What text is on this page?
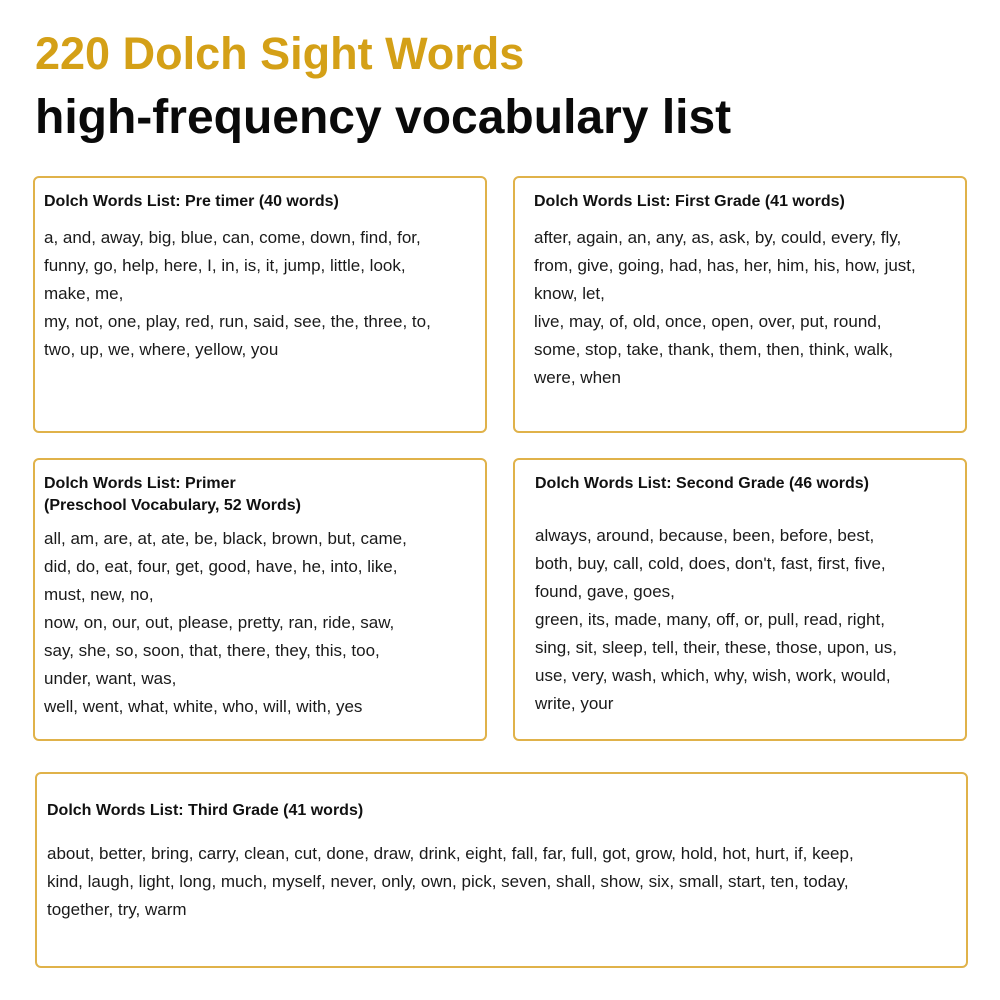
220 Dolch Sight Words
high-frequency vocabulary list
Dolch Words List: Pre timer (40 words)
a, and, away, big, blue, can, come, down, find, for,
funny, go, help, here, I, in, is, it, jump, little, look,
make, me,
my, not, one, play, red, run, said, see, the, three, to,
two, up, we, where, yellow, you
Dolch Words List: First Grade (41 words)
after, again, an, any, as, ask, by, could, every, fly,
from, give, going, had, has, her, him, his, how, just,
know, let,
live, may, of, old, once, open, over, put, round,
some, stop, take, thank, them, then, think, walk,
were, when
Dolch Words List: Primer
(Preschool Vocabulary, 52 Words)
all, am, are, at, ate, be, black, brown, but, came,
did, do, eat, four, get, good, have, he, into, like,
must, new, no,
now, on, our, out, please, pretty, ran, ride, saw,
say, she, so, soon, that, there, they, this, too,
under, want, was,
well, went, what, white, who, will, with, yes
Dolch Words List: Second Grade (46 words)
always, around, because, been, before, best,
both, buy, call, cold, does, don't, fast, first, five,
found, gave, goes,
green, its, made, many, off, or, pull, read, right,
sing, sit, sleep, tell, their, these, those, upon, us,
use, very, wash, which, why, wish, work, would,
write, your
Dolch Words List: Third Grade (41 words)
about, better, bring, carry, clean, cut, done, draw, drink, eight, fall, far, full, got, grow, hold, hot, hurt, if, keep,
kind, laugh, light, long, much, myself, never, only, own, pick, seven, shall, show, six, small, start, ten, today,
together, try, warm
